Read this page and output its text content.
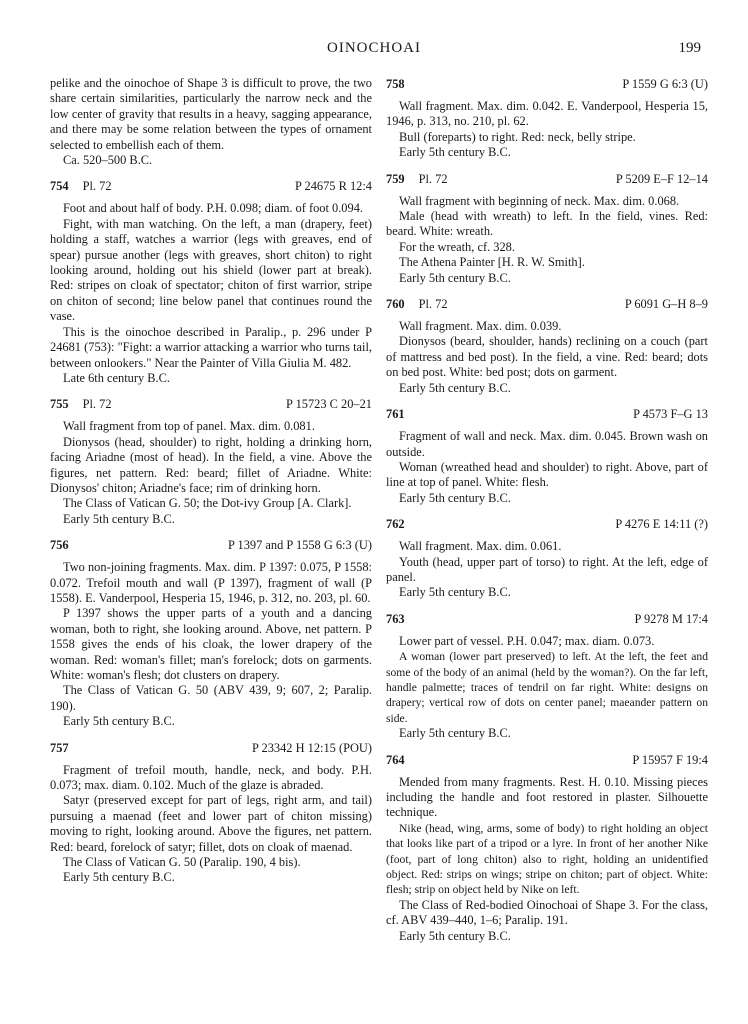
OINOCHOAI	199

pelike and the oinochoe of Shape 3 is difficult to prove, the two share certain similarities, particularly the narrow neck and the low center of gravity that results in a heavy, sagging appearance, and there may be some relation between the types of ornament selected to embellish each of them.

Ca. 520–500 B.C.

754 Pl. 72	P 24675 R 12:4

Foot and about half of body. P.H. 0.098; diam. of foot 0.094.

Fight, with man watching. On the left, a man (drapery, feet) holding a staff, watches a warrior (legs with greaves, end of spear) pursue another (legs with greaves, short chiton) to right looking around, holding out his shield (lower part at break). Red: stripes on cloak of spectator; chiton of first warrior, stripe on chiton of second; line below panel that continues round the vase.

This is the oinochoe described in Paralip., p. 296 under P 24681 (753): "Fight: a warrior attacking a warrior who turns tail, between onlookers." Near the Painter of Villa Giulia M. 482.

Late 6th century B.C.

755 Pl. 72	P 15723 C 20–21

Wall fragment from top of panel. Max. dim. 0.081.

Dionysos (head, shoulder) to right, holding a drinking horn, facing Ariadne (most of head). In the field, a vine. Above the figures, net pattern. Red: beard; fillet of Ariadne. White: Dionysos' chiton; Ariadne's face; rim of drinking horn.

The Class of Vatican G. 50; the Dot-ivy Group [A. Clark].

Early 5th century B.C.

756	P 1397 and P 1558 G 6:3 (U)

Two non-joining fragments. Max. dim. P 1397: 0.075, P 1558: 0.072. Trefoil mouth and wall (P 1397), fragment of wall (P 1558). E. Vanderpool, Hesperia 15, 1946, p. 312, no. 203, pl. 60.

P 1397 shows the upper parts of a youth and a dancing woman, both to right, she looking around. Above, net pattern. P 1558 gives the ends of his cloak, the lower drapery of the woman. Red: woman's fillet; man's forelock; dots on garments. White: woman's flesh; dot clusters on drapery.

The Class of Vatican G. 50 (ABV 439, 9; 607, 2; Paralip. 190).

Early 5th century B.C.

757	P 23342 H 12:15 (POU)

Fragment of trefoil mouth, handle, neck, and body. P.H. 0.073; max. diam. 0.102. Much of the glaze is abraded.

Satyr (preserved except for part of legs, right arm, and tail) pursuing a maenad (feet and lower part of chiton missing) moving to right, looking around. Above the figures, net pattern. Red: beard, forelock of satyr; fillet, dots on cloak of maenad.

The Class of Vatican G. 50 (Paralip. 190, 4 bis).

Early 5th century B.C.

758	P 1559 G 6:3 (U)

Wall fragment. Max. dim. 0.042. E. Vanderpool, Hesperia 15, 1946, p. 313, no. 210, pl. 62.

Bull (foreparts) to right. Red: neck, belly stripe.

Early 5th century B.C.

759 Pl. 72	P 5209 E–F 12–14

Wall fragment with beginning of neck. Max. dim. 0.068.

Male (head with wreath) to left. In the field, vines. Red: beard. White: wreath.

For the wreath, cf. 328.

The Athena Painter [H. R. W. Smith].

Early 5th century B.C.

760 Pl. 72	P 6091 G–H 8–9

Wall fragment. Max. dim. 0.039.

Dionysos (beard, shoulder, hands) reclining on a couch (part of mattress and bed post). In the field, a vine. Red: beard; dots on bed post. White: bed post; dots on garment.

Early 5th century B.C.

761	P 4573 F–G 13

Fragment of wall and neck. Max. dim. 0.045. Brown wash on outside.

Woman (wreathed head and shoulder) to right. Above, part of line at top of panel. White: flesh.

Early 5th century B.C.

762	P 4276 E 14:11 (?)

Wall fragment. Max. dim. 0.061.

Youth (head, upper part of torso) to right. At the left, edge of panel.

Early 5th century B.C.

763	P 9278 M 17:4

Lower part of vessel. P.H. 0.047; max. diam. 0.073.

A woman (lower part preserved) to left. At the left, the feet and some of the body of an animal (held by the woman?). On the far left, handle palmette; traces of tendril on far right. White: designs on drapery; vertical row of dots on center panel; maeander pattern on side.

Early 5th century B.C.

764	P 15957 F 19:4

Mended from many fragments. Rest. H. 0.10. Missing pieces including the handle and foot restored in plaster. Silhouette technique.

Nike (head, wing, arms, some of body) to right holding an object that looks like part of a tripod or a lyre. In front of her another Nike (foot, part of long chiton) also to right, holding an unidentified object. Red: strips on wings; stripe on chiton; part of object. White: flesh; strip on object held by Nike on left.

The Class of Red-bodied Oinochoai of Shape 3. For the class, cf. ABV 439–440, 1–6; Paralip. 191.

Early 5th century B.C.
